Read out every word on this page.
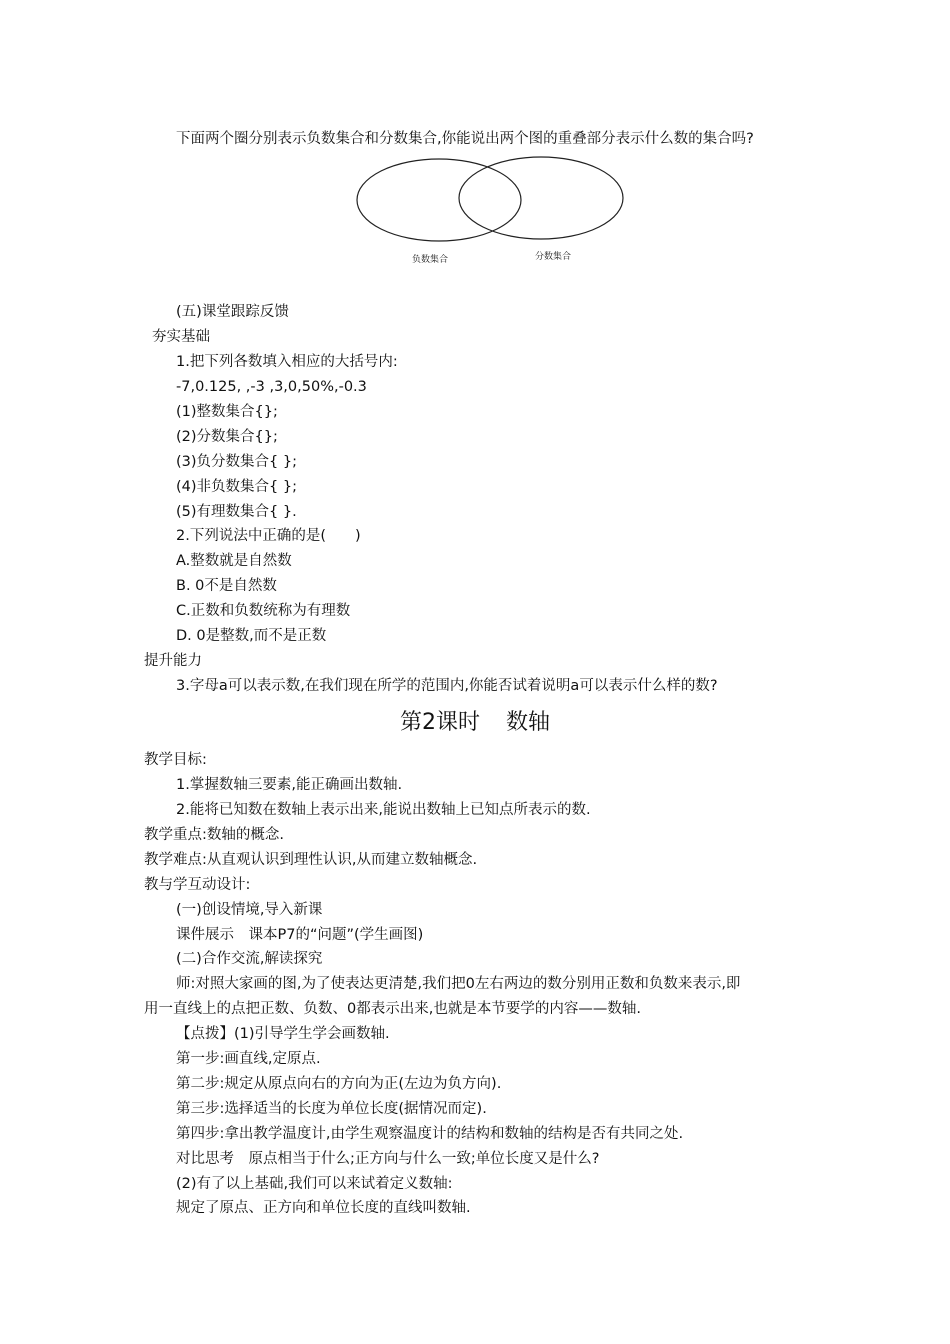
下面两个圈分别表示负数集合和分数集合,你能说出两个图的重叠部分表示什么数的集合吗?
负数集合	分数集合
(五)课堂跟踪反馈
夯实基础
1.把下列各数填入相应的大括号内:
-7,0.125, ,-3 ,3,0,50%,-0.3
(1)整数集合{};
(2)分数集合{};
(3)负分数集合{ };
(4)非负数集合{ };
(5)有理数集合{ }.
2.下列说法中正确的是(　　)
A.整数就是自然数
B. 0不是自然数
C.正数和负数统称为有理数
D. 0是整数,而不是正数
提升能力
3.字母a可以表示数,在我们现在所学的范围内,你能否试着说明a可以表示什么样的数?
第2课时 数轴
教学目标:
1.掌握数轴三要素,能正确画出数轴.
2.能将已知数在数轴上表示出来,能说出数轴上已知点所表示的数.
教学重点:数轴的概念.
教学难点:从直观认识到理性认识,从而建立数轴概念.
教与学互动设计:
(一)创设情境,导入新课
课件展示　课本P7的“问题”(学生画图)
(二)合作交流,解读探究
师:对照大家画的图,为了使表达更清楚,我们把0左右两边的数分别用正数和负数来表示,即
用一直线上的点把正数、负数、0都表示出来,也就是本节要学的内容——数轴.
【点拨】(1)引导学生学会画数轴.
第一步:画直线,定原点.
第二步:规定从原点向右的方向为正(左边为负方向).
第三步:选择适当的长度为单位长度(据情况而定).
第四步:拿出教学温度计,由学生观察温度计的结构和数轴的结构是否有共同之处.
对比思考　原点相当于什么;正方向与什么一致;单位长度又是什么?
(2)有了以上基础,我们可以来试着定义数轴:
规定了原点、正方向和单位长度的直线叫数轴.
